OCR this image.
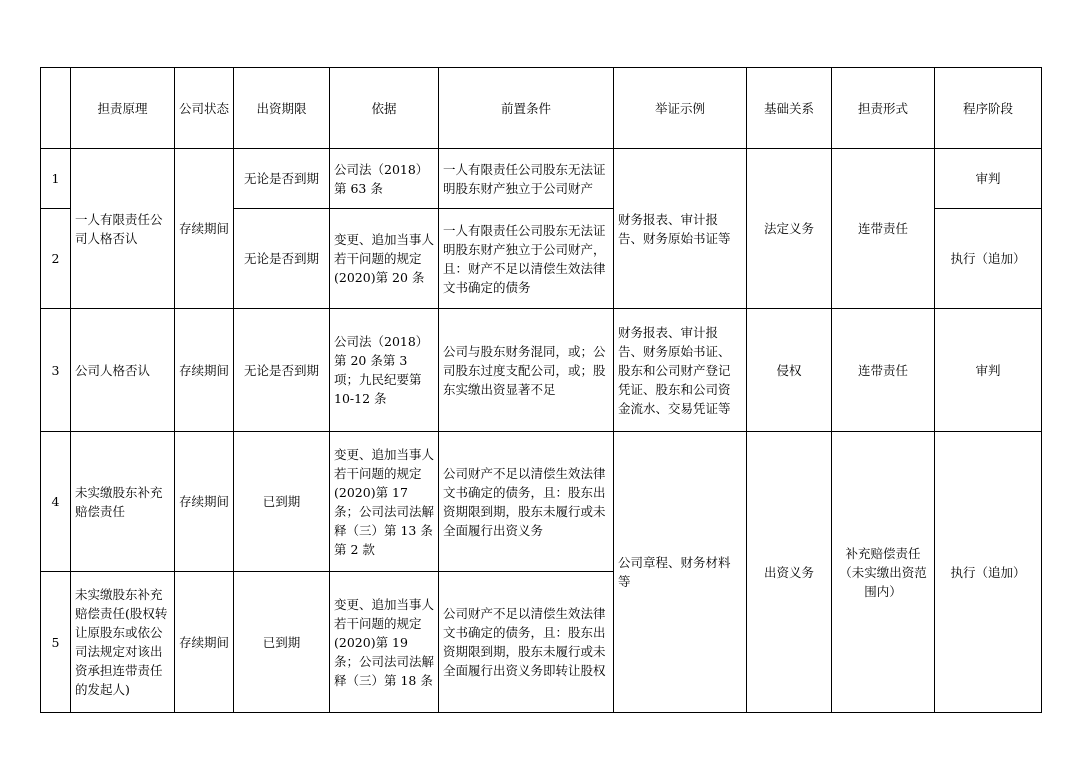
	担责原理	公司状态	出资期限	依据	前置条件	举证示例	基础关系	担责形式	程序阶段
1	一人有限责任公司人格否认	存续期间	无论是否到期	公司法（2018）第 63 条	一人有限责任公司股东无法证明股东财产独立于公司财产	财务报表、审计报告、财务原始书证等	法定义务	连带责任	审判
2			无论是否到期	变更、追加当事人若干问题的规定(2020)第 20 条	一人有限责任公司股东无法证明股东财产独立于公司财产，且：财产不足以清偿生效法律文书确定的债务				执行（追加）
3	公司人格否认	存续期间	无论是否到期	公司法（2018）第 20 条第 3 项；九民纪要第 10-12 条	公司与股东财务混同，或；公司股东过度支配公司，或；股东实缴出资显著不足	财务报表、审计报告、财务原始书证、股东和公司财产登记凭证、股东和公司资金流水、交易凭证等	侵权	连带责任	审判
4	未实缴股东补充赔偿责任	存续期间	已到期	变更、追加当事人若干问题的规定(2020)第 17 条；公司法司法解释（三）第 13 条第 2 款	公司财产不足以清偿生效法律文书确定的债务，且：股东出资期限到期，股东未履行或未全面履行出资义务	公司章程、财务材料等	出资义务	补充赔偿责任（未实缴出资范围内）	执行（追加）
5	未实缴股东补充赔偿责任(股权转让原股东或依公司法规定对该出资承担连带责任的发起人)	存续期间	已到期	变更、追加当事人若干问题的规定(2020)第 19 条；公司法司法解释（三）第 18 条	公司财产不足以清偿生效法律文书确定的债务，且：股东出资期限到期，股东未履行或未全面履行出资义务即转让股权				
